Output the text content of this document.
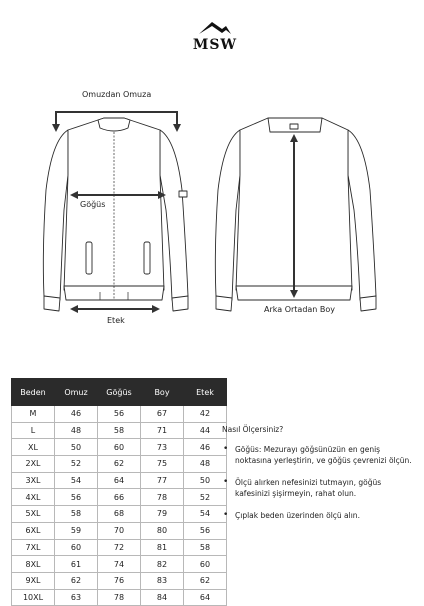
MSW
Omuzdan Omuza
Göğüs
Etek
Arka Ortadan Boy
Beden	Omuz	Göğüs	Boy	Etek
M	46	56	67	42
L	48	58	71	44
XL	50	60	73	46
2XL	52	62	75	48
3XL	54	64	77	50
4XL	56	66	78	52
5XL	58	68	79	54
6XL	59	70	80	56
7XL	60	72	81	58
8XL	61	74	82	60
9XL	62	76	83	62
10XL	63	78	84	64
Nasıl Ölçersiniz?
• Göğüs: Mezurayı göğsünüzün en geniş noktasına yerleştirin, ve göğüs çevrenizi ölçün.
• Ölçü alırken nefesinizi tutmayın, göğüs kafesinizi şişirmeyin, rahat olun.
• Çıplak beden üzerinden ölçü alın.
